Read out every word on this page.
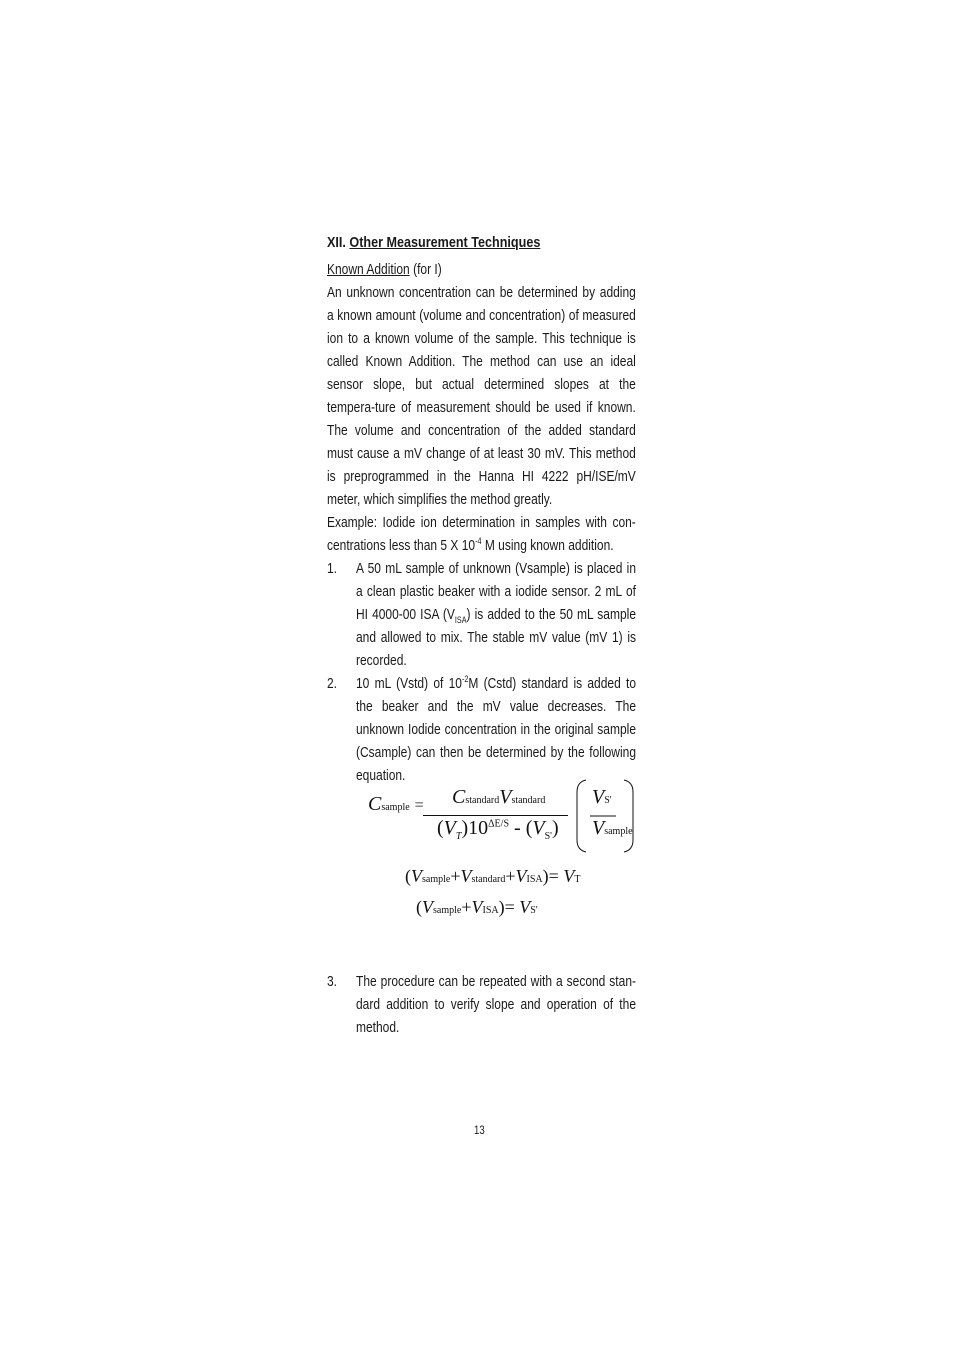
XII. Other Measurement Techniques
Known Addition (for I)
An unknown concentration can be determined by adding a known amount (volume and concentration) of measured ion to a known volume of the sample. This technique is called Known Addition. The method can use an ideal sensor slope, but actual determined slopes at the tempera-ture of measurement should be used if known. The volume and concentration of the added standard must cause a mV change of at least 30 mV. This method is preprogrammed in the Hanna HI 4222 pH/ISE/mV meter, which simplifies the method greatly.
Example: Iodide ion determination in samples with con-centrations less than 5 X $10^{-4}$ M using known addition.
1. A 50 mL sample of unknown (Vsample) is placed in a clean plastic beaker with a iodide sensor. 2 mL of HI 4000-00 ISA $(V_{ISA})$ is added to the 50 mL sample and allowed to mix. The stable mV value (mV 1) is recorded.
2. 10 mL (Vstd) of $10^{-2}M$ (Cstd) standard is added to the beaker and the mV value decreases. The unknown Iodide concentration in the original sample (Csample) can then be determined by the following equation.
Csample = CstandardVstandard
$(V_T)10^{\Delta E/S} - (V_{S'})$
VS'
Vsample
(Vsample+Vstandard+VISA)= VT
(Vsample+VISA)= VS'
3. The procedure can be repeated with a second stan-dard addition to verify slope and operation of the method.
13
